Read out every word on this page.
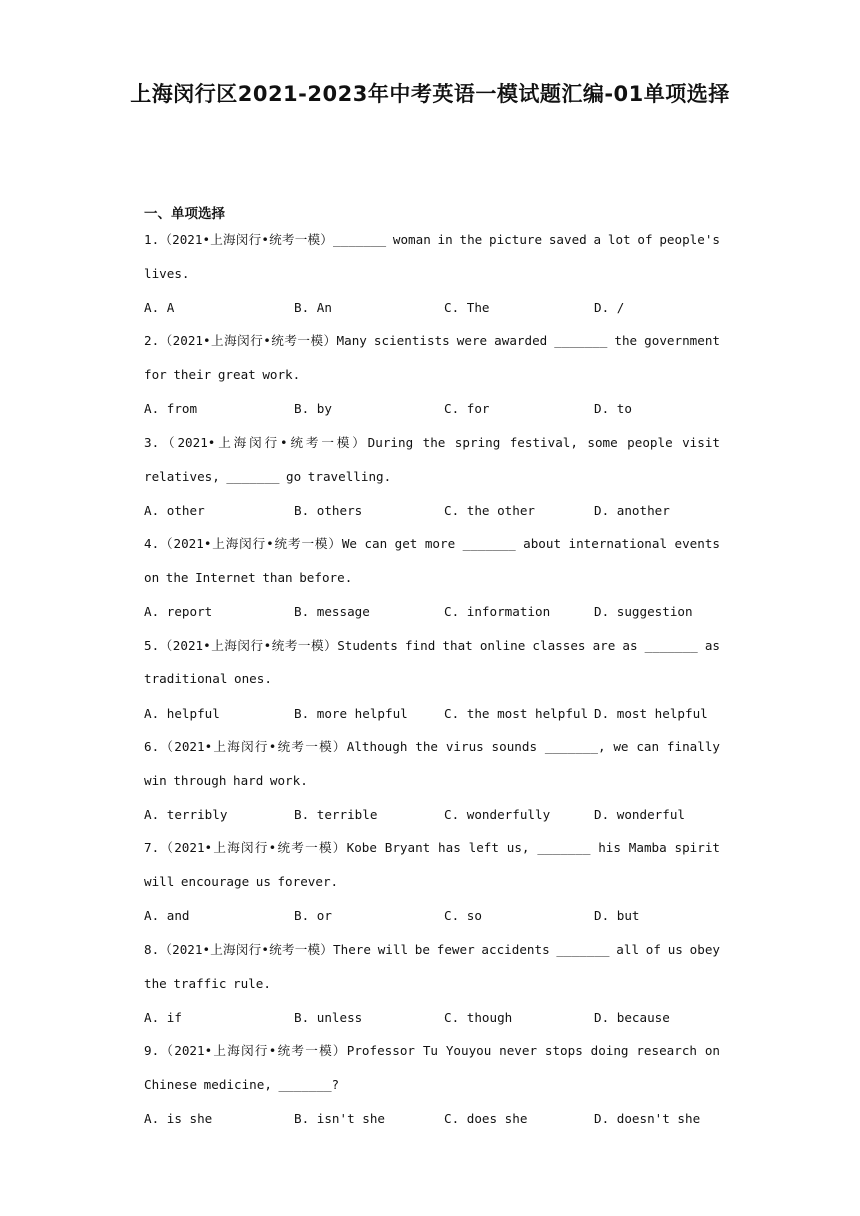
上海闵行区2021-2023年中考英语一模试题汇编-01单项选择
一、单项选择
1.（2021•上海闵行•统考一模）_______ woman in the picture saved a lot of people's lives.
A. A	B. An	C. The	D. /
2.（2021•上海闵行•统考一模）Many scientists were awarded _______ the government for their great work.
A. from	B. by	C. for	D. to
3.（2021•上海闵行•统考一模）During the spring festival, some people visit relatives, _______ go travelling.
A. other	B. others	C. the other	D. another
4.（2021•上海闵行•统考一模）We can get more _______ about international events on the Internet than before.
A. report	B. message	C. information	D. suggestion
5.（2021•上海闵行•统考一模）Students find that online classes are as _______ as traditional ones.
A. helpful	B. more helpful	C. the most helpful D. most helpful
6.（2021•上海闵行•统考一模）Although the virus sounds _______, we can finally win through hard work.
A. terribly	B. terrible	C. wonderfully	D. wonderful
7.（2021•上海闵行•统考一模）Kobe Bryant has left us, _______ his Mamba spirit will encourage us forever.
A. and	B. or	C. so	D. but
8.（2021•上海闵行•统考一模）There will be fewer accidents _______ all of us obey the traffic rule.
A. if	B. unless	C. though	D. because
9.（2021•上海闵行•统考一模）Professor Tu Youyou never stops doing research on Chinese medicine, _______?
A. is she	B. isn't she	C. does she	D. doesn't she
